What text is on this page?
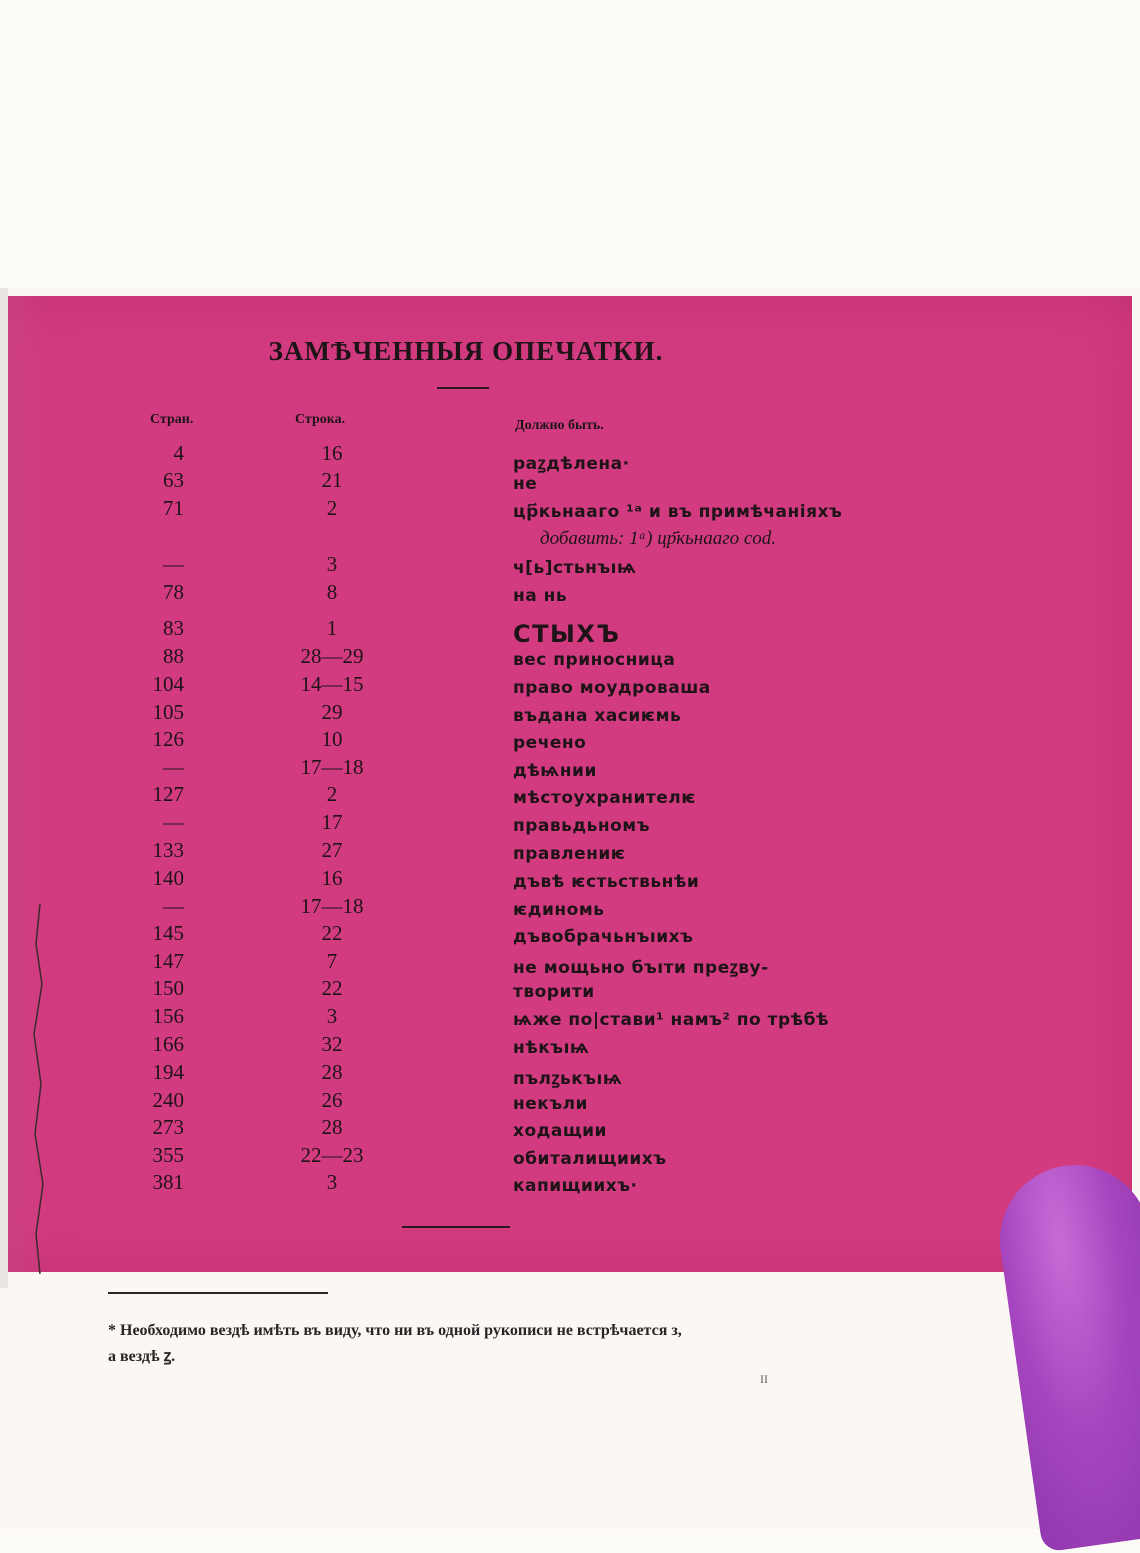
ЗАМѢЧЕННЫЯ ОПЕЧАТКИ.
Стран.	Строка.	Должно быть.
4	16	раꙁдѣлена·
63	21	не
71	2	цр҃кьнааго ¹ᵃ и въ примѣчаніяхъ
добавить: 1ᵃ) цр҃кьнааго cod.
—	3	ч[ь]стьнъıѩ
78	8	на нь
83	1	СТЫХЪ
88	28—29	вес приносница
104	14—15	право моудроваша
105	29	въдана хасиѥмь
126	10	речено
—	17—18	дѣѩнии
127	2	мѣстоухранителѥ
—	17	правьдьномъ
133	27	правлениѥ
140	16	дъвѣ ѥстьствьнѣи
—	17—18	ѥдиномь
145	22	дъвобрачьнъıихъ
147	7	не мощьно бъıти преꙁву-
150	22	творити
156	3	ѩже по|стави¹ намъ² по трѣбѣ
166	32	нѣкъıѩ
194	28	пълꙁькъıѩ
240	26	некъли
273	28	ходащии
355	22—23	обиталищиихъ
381	3	капищиихъ·
* Необходимо вездѣ имѣть въ виду, что ни въ одной рукописи не встрѣчается з,
а вездѣ ꙁ.
II
